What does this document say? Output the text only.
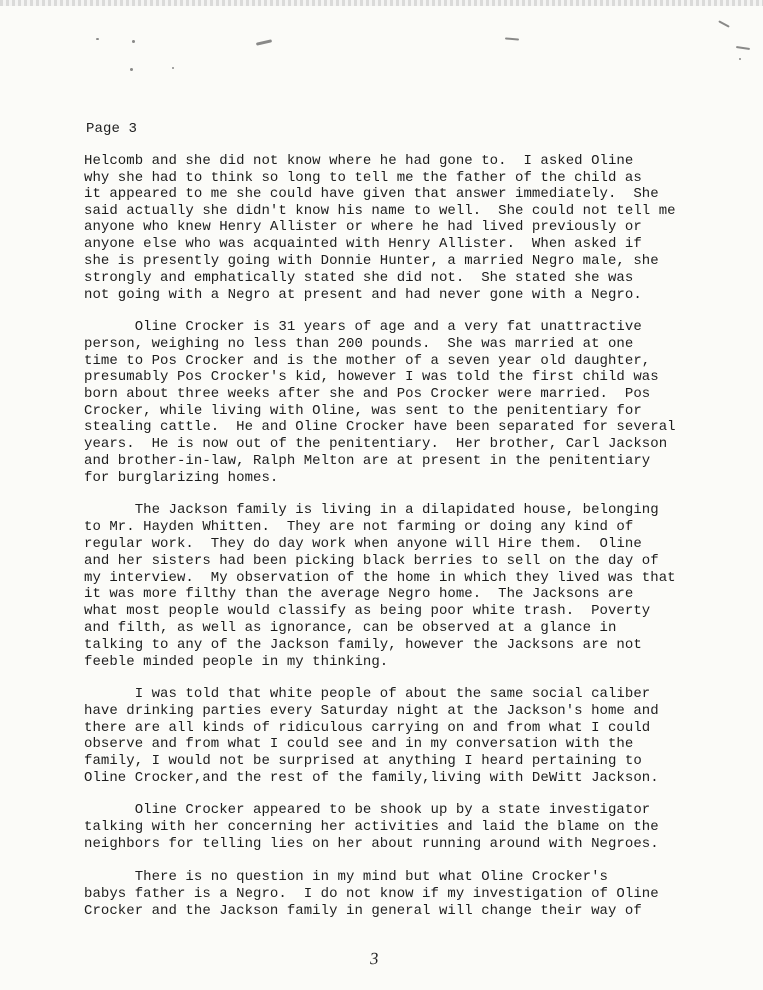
Page 3

Helcomb and she did not know where he had gone to.  I asked Oline

why she had to think so long to tell me the father of the child as

it appeared to me she could have given that answer immediately.  She

said actually she didn't know his name to well.  She could not tell me

anyone who knew Henry Allister or where he had lived previously or

anyone else who was acquainted with Henry Allister.  When asked if

she is presently going with Donnie Hunter, a married Negro male, she

strongly and emphatically stated she did not.  She stated she was

not going with a Negro at present and had never gone with a Negro.

Oline Crocker is 31 years of age and a very fat unattractive

person, weighing no less than 200 pounds.  She was married at one

time to Pos Crocker and is the mother of a seven year old daughter,

presumably Pos Crocker's kid, however I was told the first child was

born about three weeks after she and Pos Crocker were married.  Pos

Crocker, while living with Oline, was sent to the penitentiary for

stealing cattle.  He and Oline Crocker have been separated for several

years.  He is now out of the penitentiary.  Her brother, Carl Jackson

and brother-in-law, Ralph Melton are at present in the penitentiary

for burglarizing homes.

The Jackson family is living in a dilapidated house, belonging

to Mr. Hayden Whitten.  They are not farming or doing any kind of

regular work.  They do day work when anyone will Hire them.  Oline

and her sisters had been picking black berries to sell on the day of

my interview.  My observation of the home in which they lived was that

it was more filthy than the average Negro home.  The Jacksons are

what most people would classify as being poor white trash.  Poverty

and filth, as well as ignorance, can be observed at a glance in

talking to any of the Jackson family, however the Jacksons are not

feeble minded people in my thinking.

I was told that white people of about the same social caliber

have drinking parties every Saturday night at the Jackson's home and

there are all kinds of ridiculous carrying on and from what I could

observe and from what I could see and in my conversation with the

family, I would not be surprised at anything I heard pertaining to

Oline Crocker,and the rest of the family,living with DeWitt Jackson.

Oline Crocker appeared to be shook up by a state investigator

talking with her concerning her activities and laid the blame on the

neighbors for telling lies on her about running around with Negroes.

There is no question in my mind but what Oline Crocker's

babys father is a Negro.  I do not know if my investigation of Oline

Crocker and the Jackson family in general will change their way of

3
